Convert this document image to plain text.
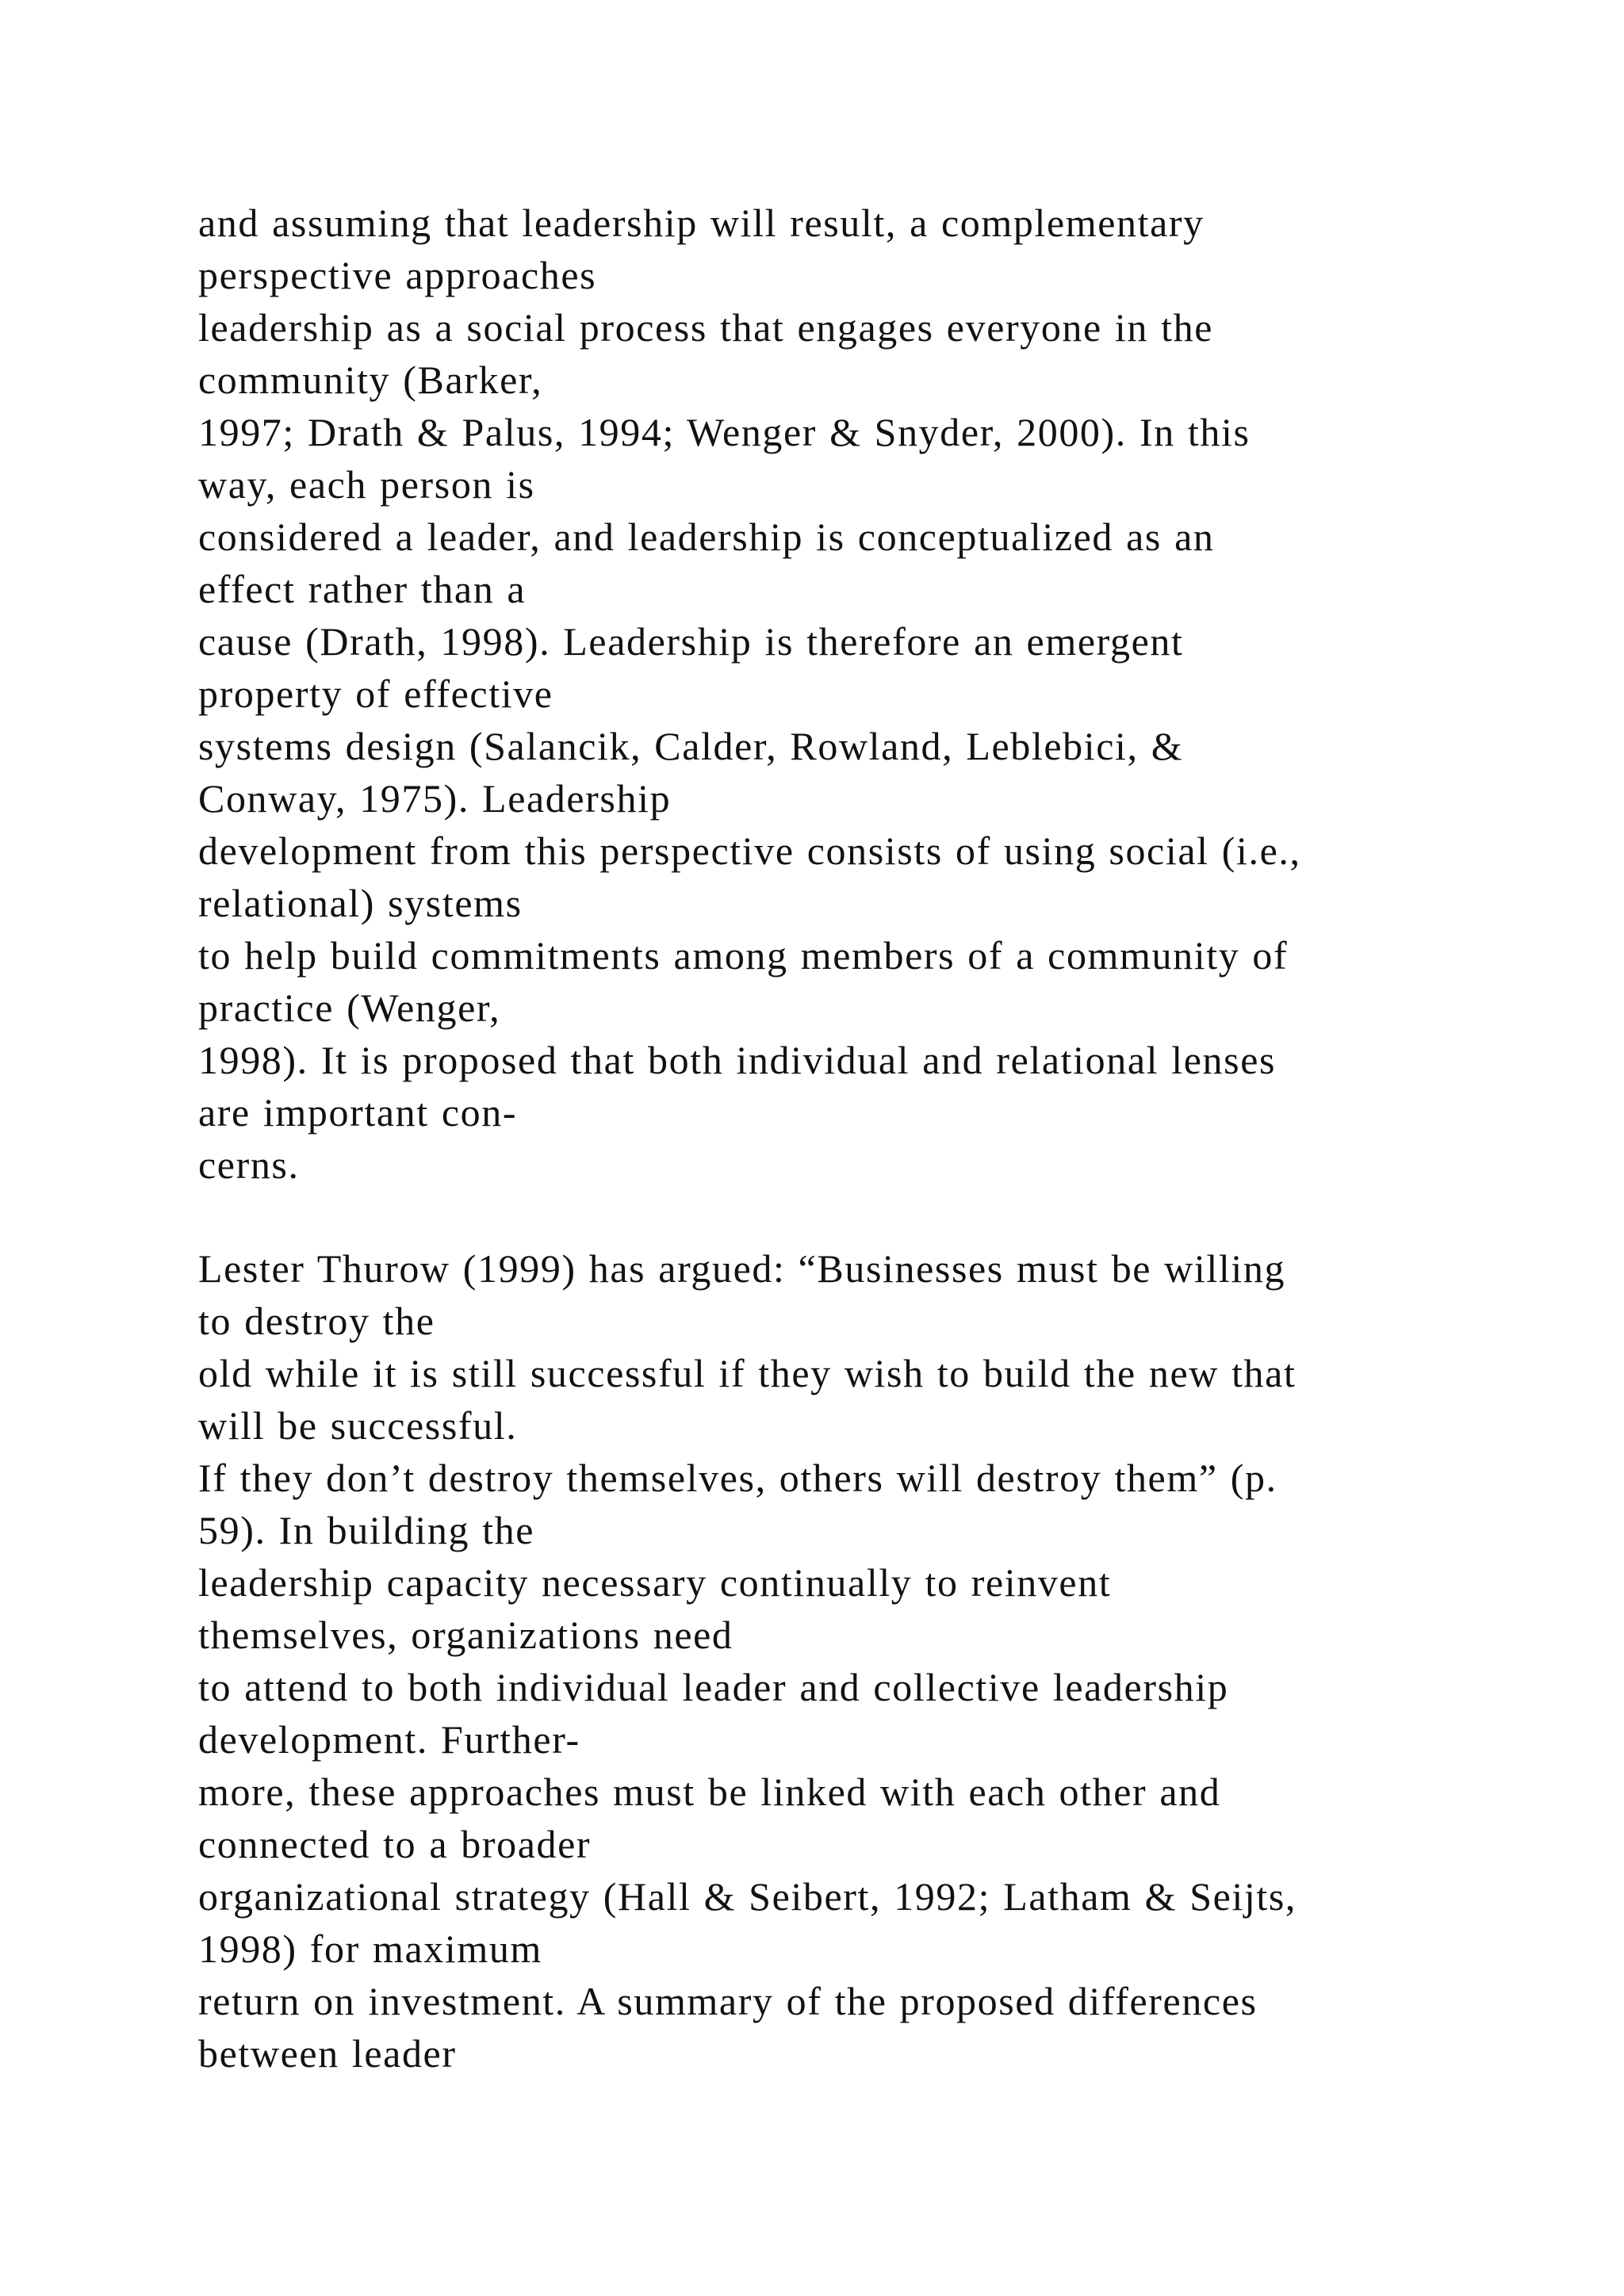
and assuming that leadership will result, a complementary
perspective approaches
leadership as a social process that engages everyone in the
community (Barker,
1997; Drath & Palus, 1994; Wenger & Snyder, 2000). In this
way, each person is
considered a leader, and leadership is conceptualized as an
effect rather than a
cause (Drath, 1998). Leadership is therefore an emergent
property of effective
systems design (Salancik, Calder, Rowland, Leblebici, &
Conway, 1975). Leadership
development from this perspective consists of using social (i.e.,
relational) systems
to help build commitments among members of a community of
practice (Wenger,
1998). It is proposed that both individual and relational lenses
are important con-
cerns.
Lester Thurow (1999) has argued: “Businesses must be willing
to destroy the
old while it is still successful if they wish to build the new that
will be successful.
If they don’t destroy themselves, others will destroy them” (p.
59). In building the
leadership capacity necessary continually to reinvent
themselves, organizations need
to attend to both individual leader and collective leadership
development. Further-
more, these approaches must be linked with each other and
connected to a broader
organizational strategy (Hall & Seibert, 1992; Latham & Seijts,
1998) for maximum
return on investment. A summary of the proposed differences
between leader
